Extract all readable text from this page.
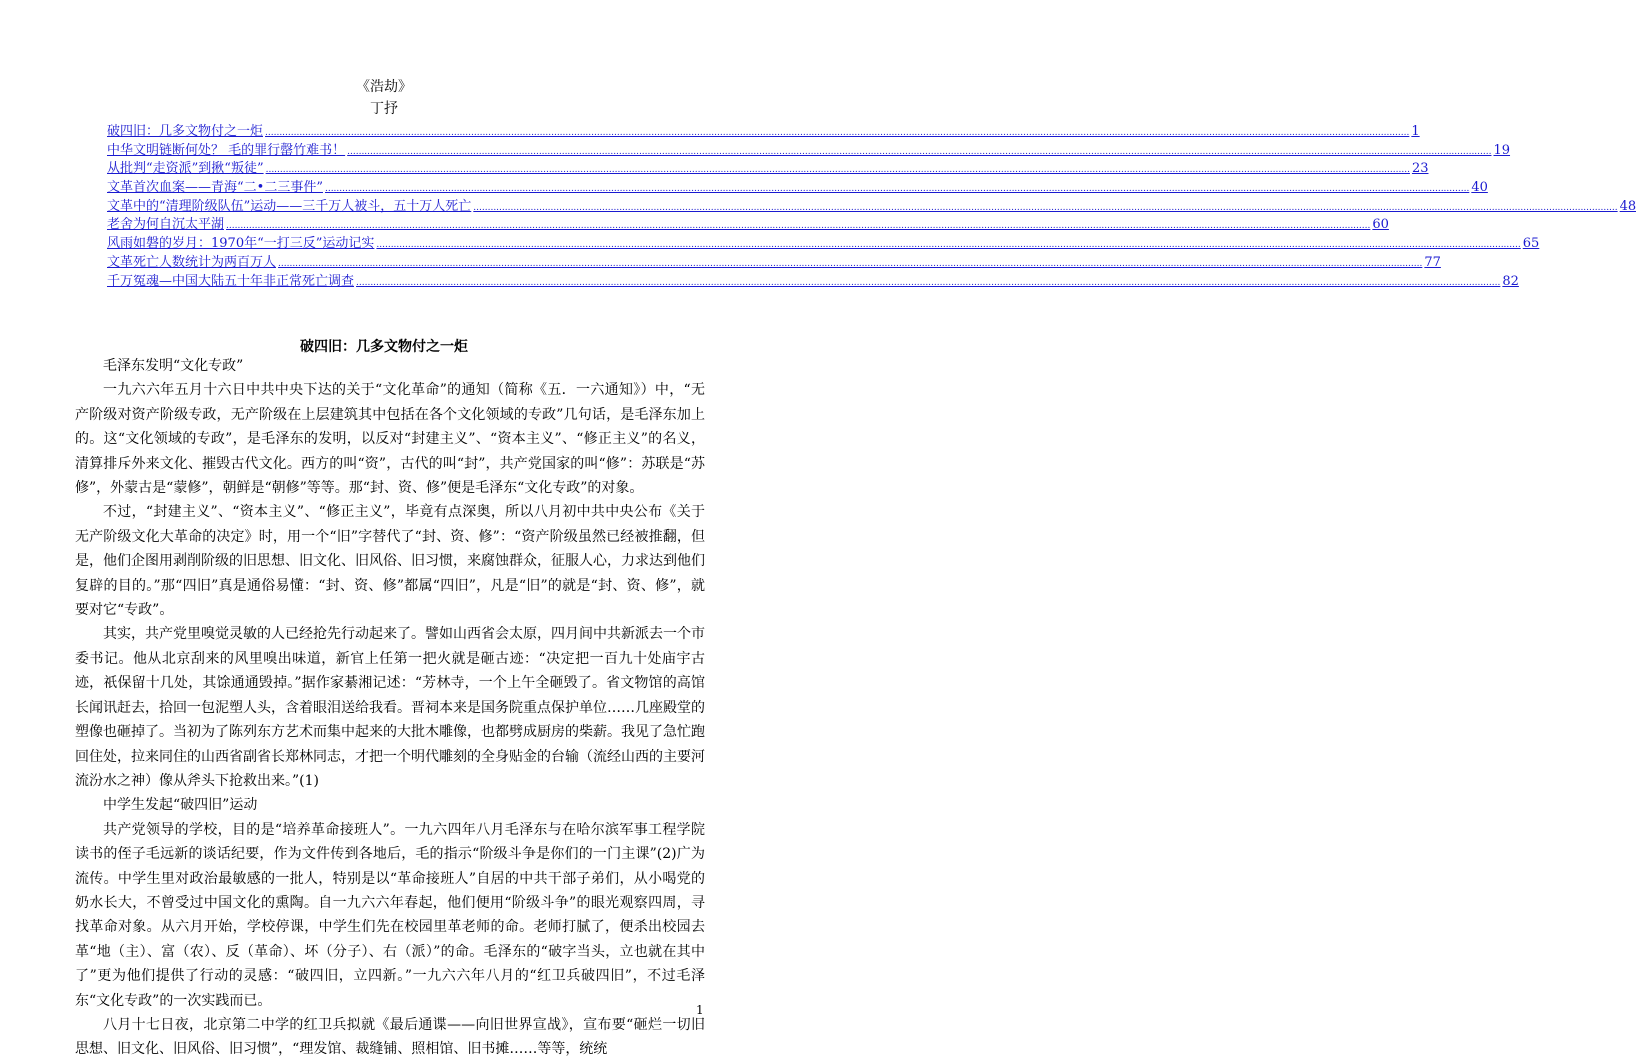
《浩劫》
丁抒
破四旧：几多文物付之一炬 ................................................................................................................................................................................................................................................................................................................................................................................................................ 1
中华文明链断何处？ 毛的罪行罄竹难书！ ................................................................................................................................................................................................................................................................................................................................................................................................................ 19
从批判“走资派”到揪“叛徒” ................................................................................................................................................................................................................................................................................................................................................................................................................ 23
文革首次血案——青海“二•二三事件” ................................................................................................................................................................................................................................................................................................................................................................................................................ 40
文革中的“清理阶级队伍”运动——三千万人被斗，五十万人死亡 ................................................................................................................................................................................................................................................................................................................................................................................................................ 48
老舍为何自沉太平湖 ................................................................................................................................................................................................................................................................................................................................................................................................................ 60
风雨如磐的岁月：1970年“一打三反”运动记实 ................................................................................................................................................................................................................................................................................................................................................................................................................ 65
文革死亡人数统计为两百万人 ................................................................................................................................................................................................................................................................................................................................................................................................................ 77
千万冤魂—中国大陆五十年非正常死亡调查 ................................................................................................................................................................................................................................................................................................................................................................................................................ 82
破四旧：几多文物付之一炬

毛泽东发明“文化专政”

一九六六年五月十六日中共中央下达的关于“文化革命”的通知（简称《五．一六通知》）中，“无产阶级对资产阶级专政，无产阶级在上层建筑其中包括在各个文化领域的专政”几句话，是毛泽东加上的。这“文化领域的专政”，是毛泽东的发明，以反对“封建主义”、“资本主义”、“修正主义”的名义，清算排斥外来文化、摧毁古代文化。西方的叫“资”，古代的叫“封”，共产党国家的叫“修”：苏联是“苏修”，外蒙古是“蒙修”，朝鲜是“朝修”等等。那“封、资、修”便是毛泽东“文化专政”的对象。

不过，“封建主义”、“资本主义”、“修正主义”，毕竟有点深奥，所以八月初中共中央公布《关于无产阶级文化大革命的决定》时，用一个“旧”字替代了“封、资、修”：“资产阶级虽然已经被推翻，但是，他们企图用剥削阶级的旧思想、旧文化、旧风俗、旧习惯，来腐蚀群众，征服人心，力求达到他们复辟的目的。”那“四旧”真是通俗易懂：“封、资、修”都属“四旧”，凡是“旧”的就是“封、资、修”，就要对它“专政”。

其实，共产党里嗅觉灵敏的人已经抢先行动起来了。譬如山西省会太原，四月间中共新派去一个市委书记。他从北京刮来的风里嗅出味道，新官上任第一把火就是砸古迹：“决定把一百九十处庙宇古迹，祇保留十几处，其馀通通毁掉。”据作家綦湘记述：“芳林寺，一个上午全砸毁了。省文物馆的高馆长闻讯赶去，拾回一包泥塑人头，含着眼泪送给我看。晋祠本来是国务院重点保护单位……几座殿堂的塑像也砸掉了。当初为了陈列东方艺术而集中起来的大批木雕像，也都劈成厨房的柴薪。我见了急忙跑回住处，拉来同住的山西省副省长郑林同志，才把一个明代雕刻的全身贴金的台输（流经山西的主要河流汾水之神）像从斧头下抢救出来。”(1)

中学生发起“破四旧”运动

共产党领导的学校，目的是“培养革命接班人”。一九六四年八月毛泽东与在哈尔滨军事工程学院读书的侄子毛远新的谈话纪要，作为文件传到各地后，毛的指示“阶级斗争是你们的一门主课”(2)广为流传。中学生里对政治最敏感的一批人，特别是以“革命接班人”自居的中共干部子弟们，从小喝党的奶水长大，不曾受过中国文化的熏陶。自一九六六年春起，他们便用“阶级斗争”的眼光观察四周，寻找革命对象。从六月开始，学校停课，中学生们先在校园里革老师的命。老师打腻了，便杀出校园去革“地（主）、富（农）、反（革命）、坏（分子）、右（派）”的命。毛泽东的“破字当头，立也就在其中了”更为他们提供了行动的灵感：“破四旧，立四新。”一九六六年八月的“红卫兵破四旧”，不过毛泽东“文化专政”的一次实践而已。

八月十七日夜，北京第二中学的红卫兵拟就《最后通谍——向旧世界宣战》，宣布要“砸烂一切旧思想、旧文化、旧风俗、旧习惯”，“理发馆、裁缝铺、照相馆、旧书摊……等等，统统

1
